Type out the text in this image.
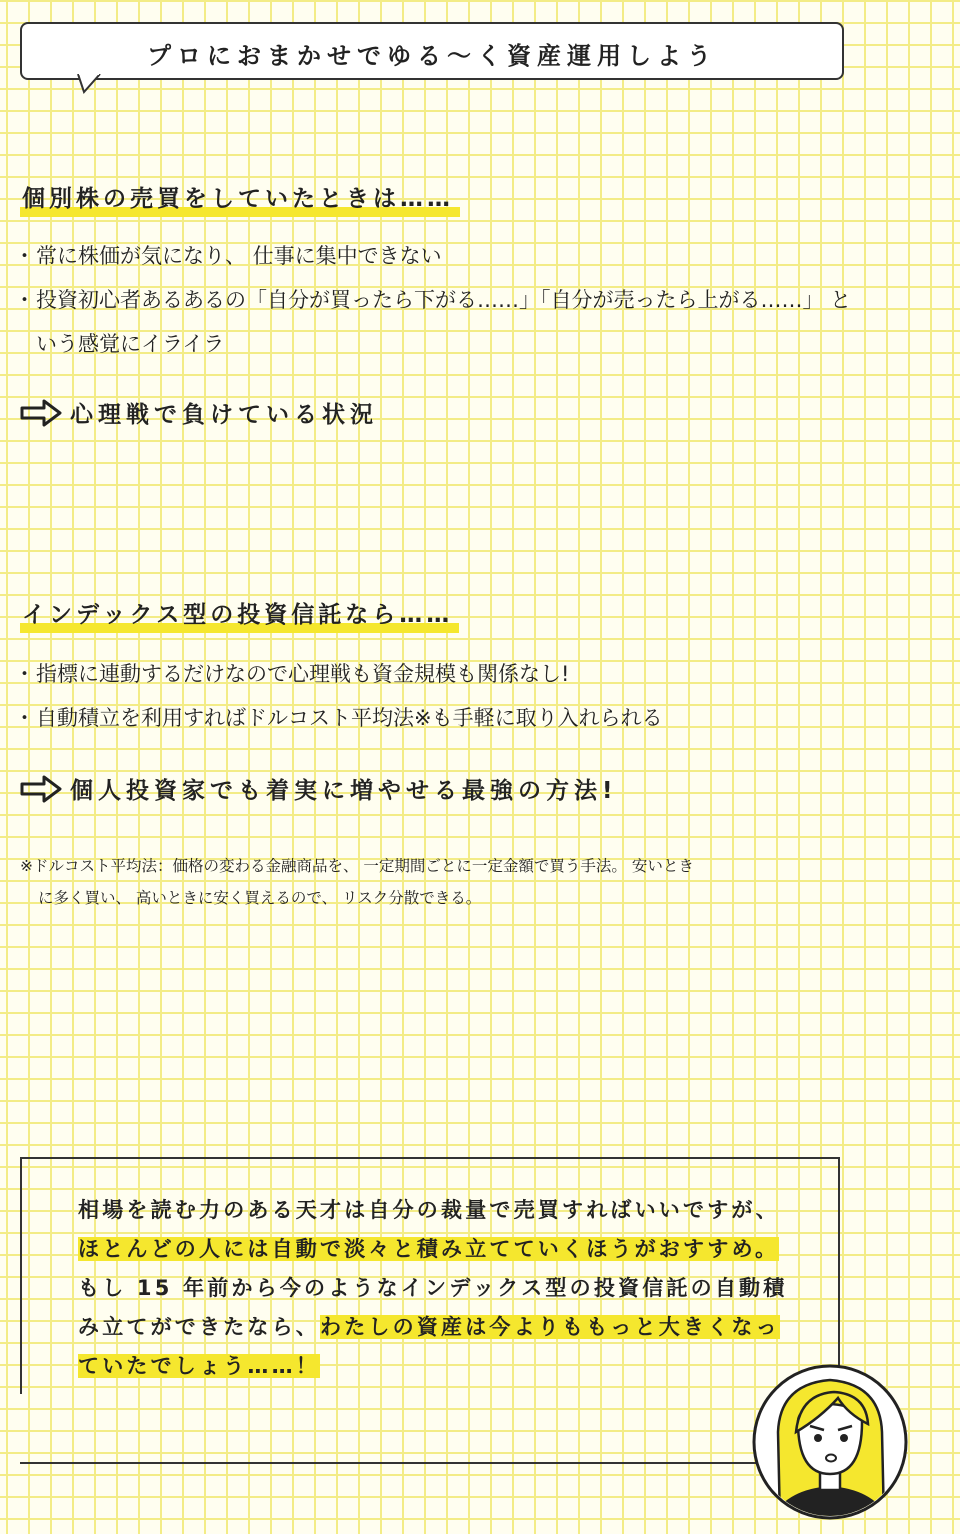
プロにおまかせでゆる〜く資産運用しよう
個別株の売買をしていたときは……
・ 常に株価が気になり、 仕事に集中できない
・ 投資初心者あるあるの「自分が買ったら下がる……」「自分が売ったら上がる……」 という感覚にイライラ
心理戦で負けている状況
インデックス型の投資信託なら……
・ 指標に連動するだけなので心理戦も資金規模も関係なし!
・ 自動積立を利用すればドルコスト平均法※も手軽に取り入れられる
個人投資家でも着実に増やせる最強の方法!
※ドルコスト平均法：価格の変わる金融商品を、 一定期間ごとに一定金額で買う手法。 安いとき
に多く買い、 高いときに安く買えるので、 リスク分散できる。
相場を読む力のある天才は自分の裁量で売買すればいいですが、 ほとんどの人には自動で淡々と積み立てていくほうがおすすめ。
もし 15 年前から今のようなインデックス型の投資信託の自動積み立てができたなら、わたしの資産は今よりももっと大きくなっていたでしょう……！
